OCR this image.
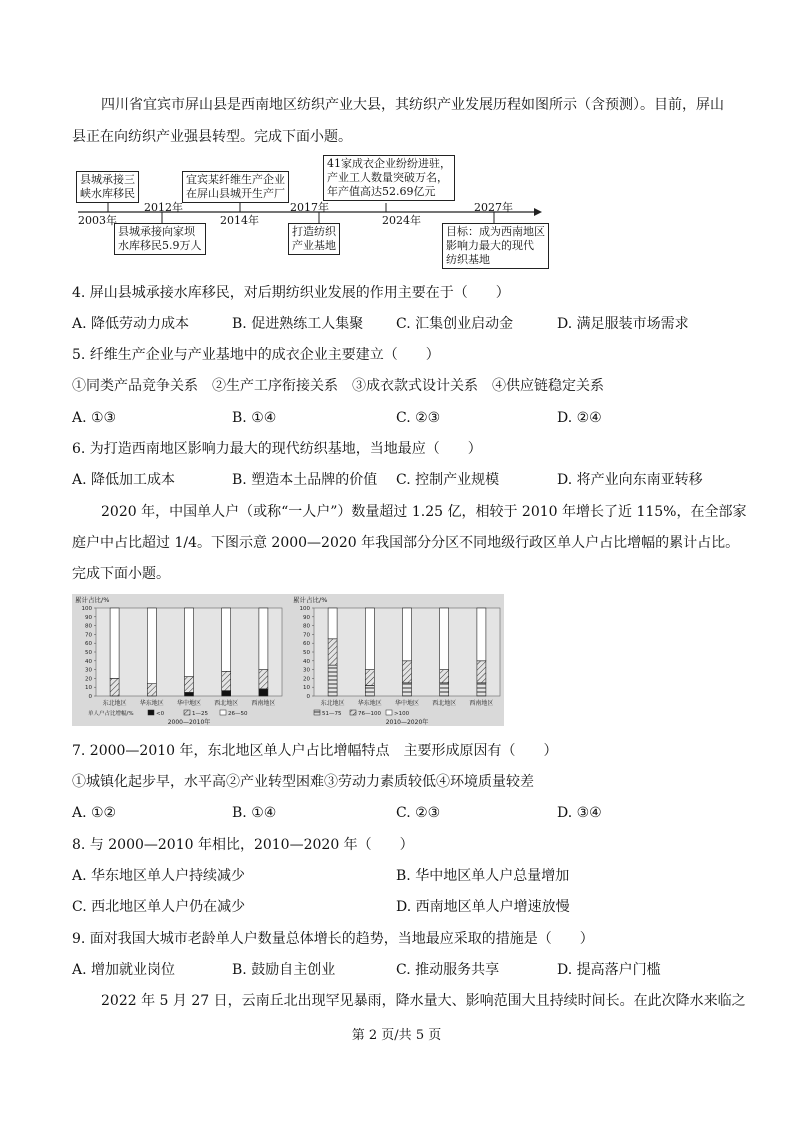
四川省宜宾市屏山县是西南地区纺织产业大县，其纺织产业发展历程如图所示（含预测）。目前，屏山
县正在向纺织产业强县转型。完成下面小题。
县城承接三
峡水库移民
县城承接向家坝
水库移民5.9万人
宜宾某纤维生产企业
在屏山县城开生产厂
打造纺织
产业基地
41家成衣企业纷纷进驻，
产业工人数量突破万名，
年产值高达52.69亿元
目标：成为西南地区
影响力最大的现代
纺织基地
2003年
2012年
2014年
2017年
2024年
2027年
4. 屏山县城承接水库移民，对后期纺织业发展的作用主要在于（　　）
A. 降低劳动力成本	B. 促进熟练工人集聚 C. 汇集创业启动金	D. 满足服装市场需求
5. 纤维生产企业与产业基地中的成衣企业主要建立（　　）
①同类产品竞争关系　②生产工序衔接关系　③成衣款式设计关系　④供应链稳定关系
A. ①③	B. ①④	C. ②③	D. ②④
6. 为打造西南地区影响力最大的现代纺织基地，当地最应（　　）
A. 降低加工成本	B. 塑造本土品牌的价值 C. 控制产业规模	D. 将产业向东南亚转移
2020 年，中国单人户（或称“一人户”）数量超过 1.25 亿，相较于 2010 年增长了近 115%，在全部家
庭户中占比超过 1/4。下图示意 2000—2020 年我国部分分区不同地级行政区单人户占比增幅的累计占比。
完成下面小题。
累计占比/%
0
10
20
30
40
50
60
70
80
90
100
东北地区 华东地区 华中地区 西北地区 西南地区
单人户占比增幅/%	<0	1—25	26—50
2000—2010年
累计占比/%
0
10
20
30
40
50
60
70
80
90
100
东北地区 华东地区 华中地区 西北地区 西南地区
51—75	76—100 >100
2010—2020年
7. 2000—2010 年，东北地区单人户占比增幅特点　主要形成原因有（　　）
①城镇化起步早，水平高②产业转型困难③劳动力素质较低④环境质量较差
A. ①②	B. ①④	C. ②③	D. ③④
8. 与 2000—2010 年相比，2010—2020 年（　　）
A. 华东地区单人户持续减少	B. 华中地区单人户总量增加
C. 西北地区单人户仍在减少	D. 西南地区单人户增速放慢
9. 面对我国大城市老龄单人户数量总体增长的趋势，当地最应采取的措施是（　　）
A. 增加就业岗位	B. 鼓励自主创业	C. 推动服务共享	D. 提高落户门槛
2022 年 5 月 27 日，云南丘北出现罕见暴雨，降水量大、影响范围大且持续时间长。在此次降水来临之
第 2 页/共 5 页
